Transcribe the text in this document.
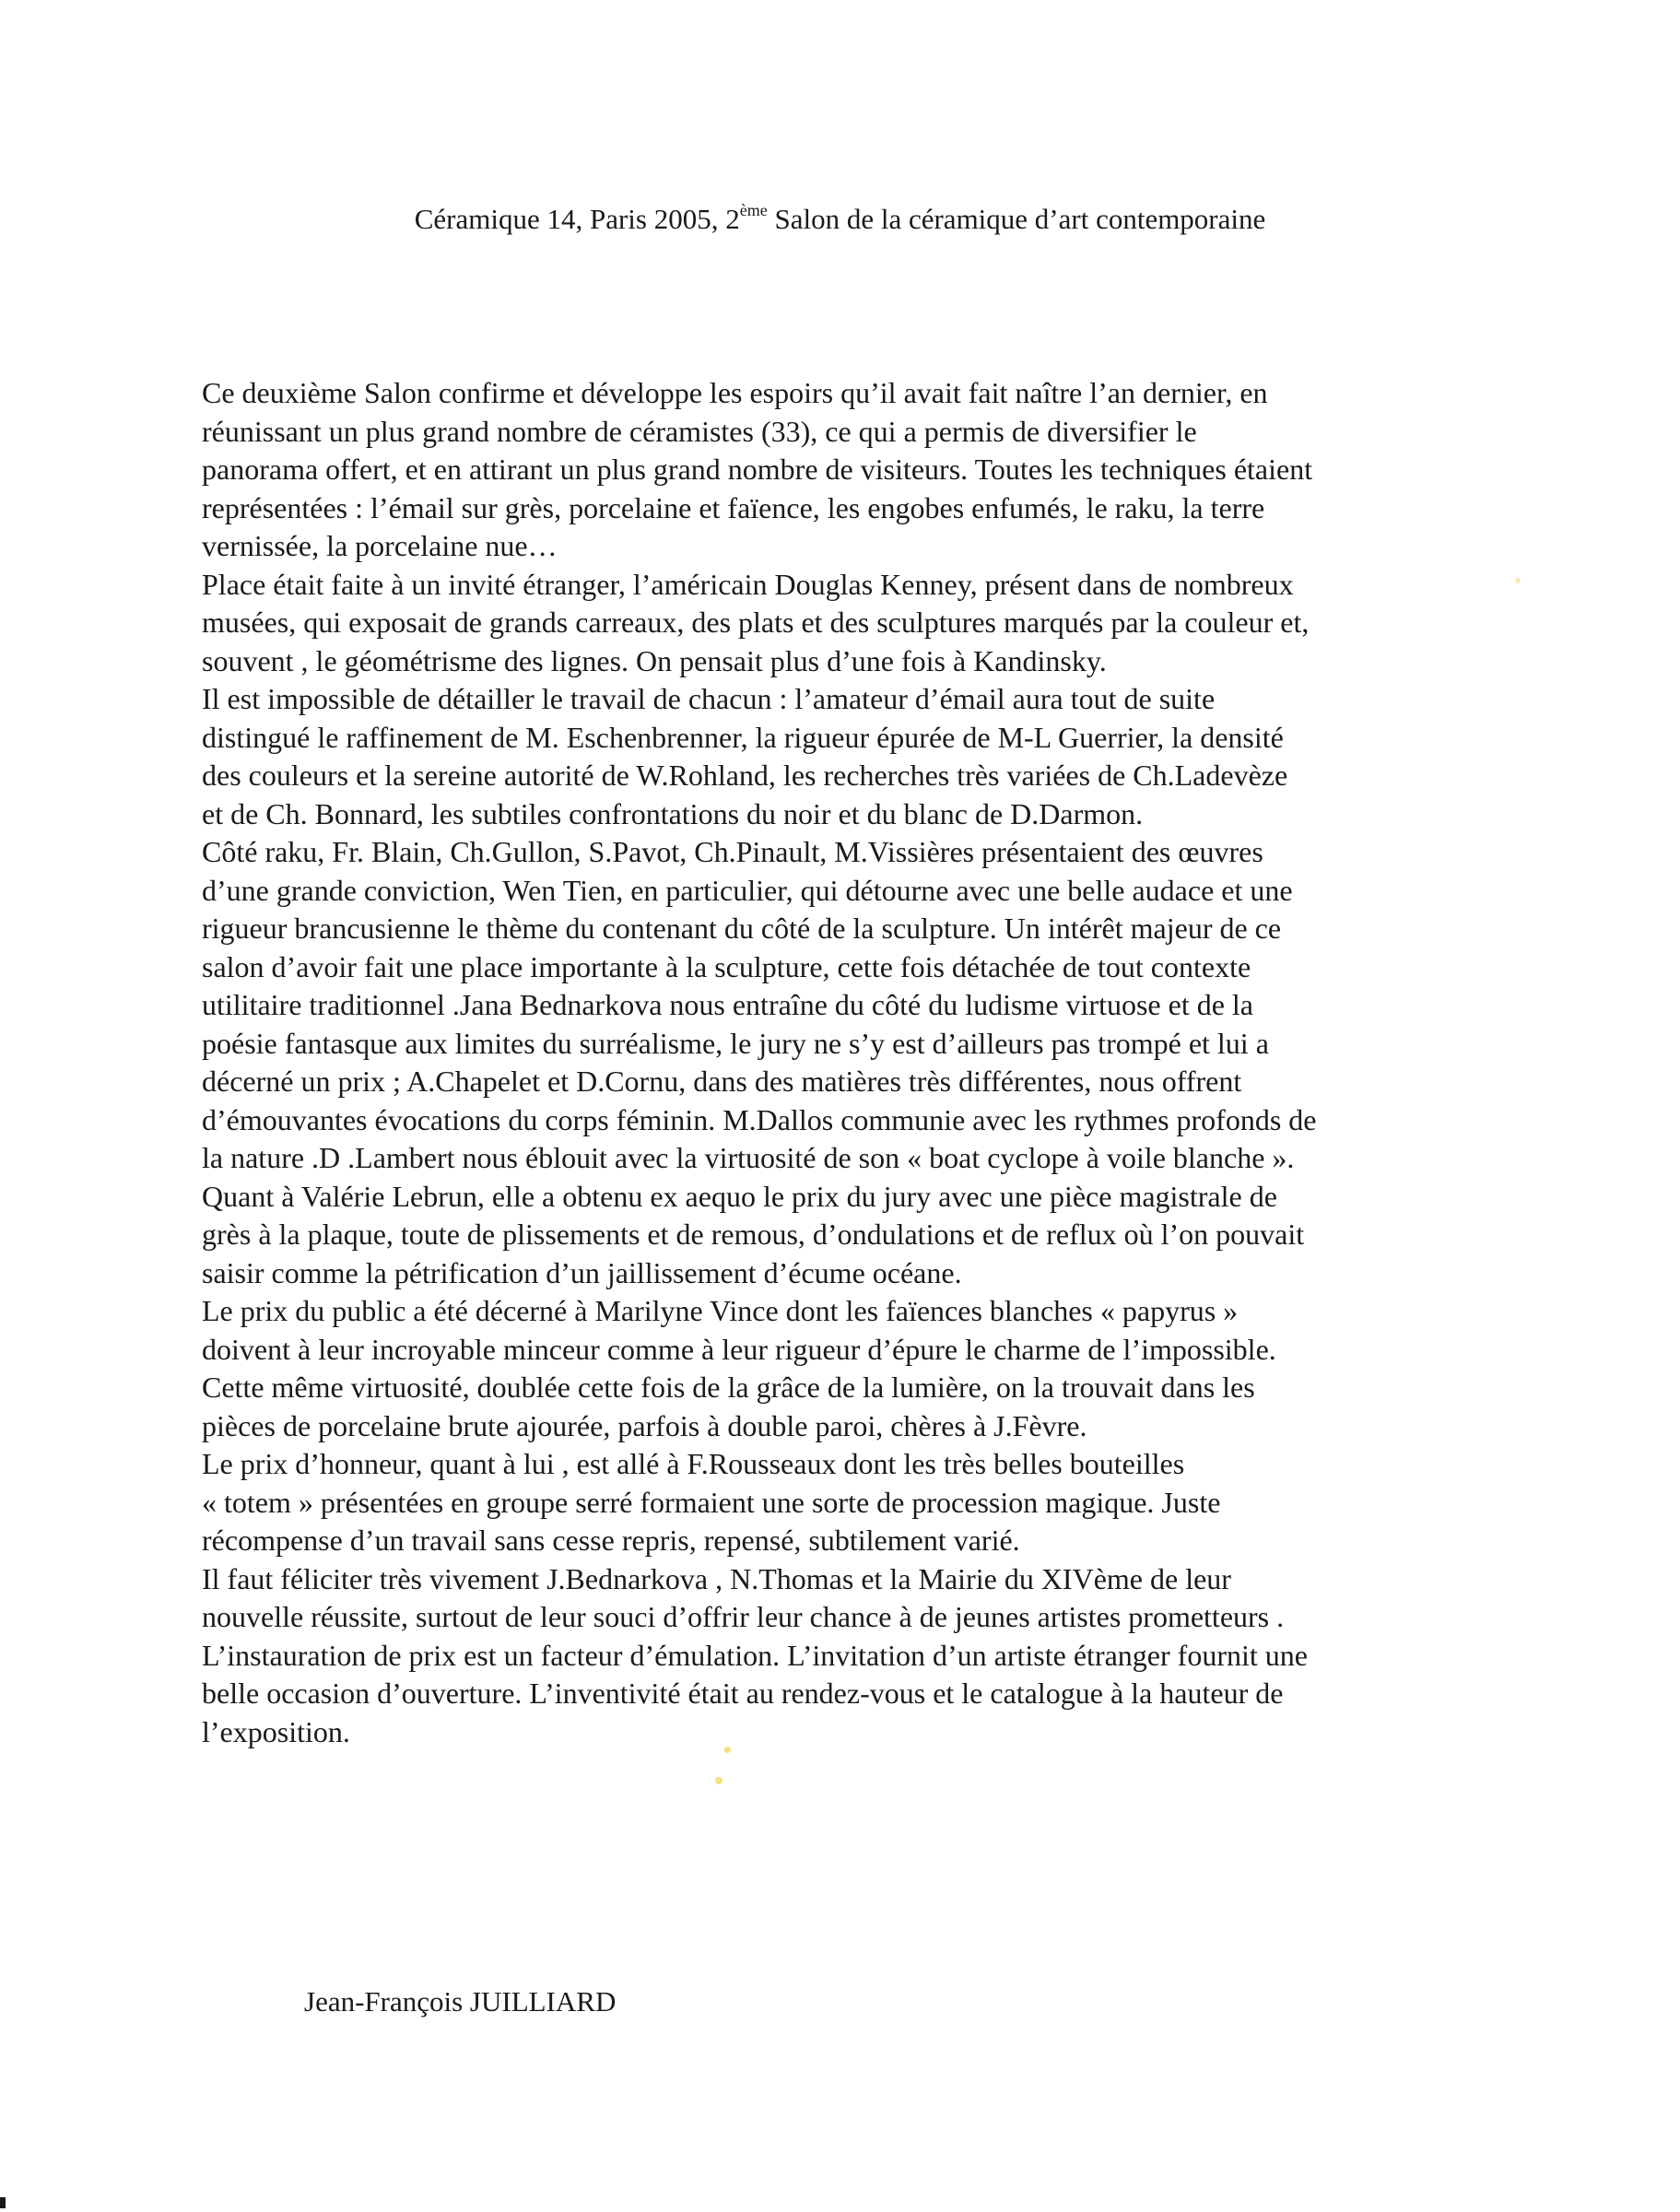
Céramique 14, Paris 2005, 2ème Salon de la céramique d’art contemporaine
Ce deuxième Salon confirme et développe les espoirs qu’il avait fait naître l’an dernier, en
réunissant un plus grand nombre de céramistes (33), ce qui a permis de diversifier le
panorama offert, et en attirant un plus grand nombre de visiteurs. Toutes les techniques étaient
représentées : l’émail sur grès, porcelaine et faïence, les engobes enfumés, le raku, la terre
vernissée, la porcelaine nue…
Place était faite à un invité étranger, l’américain Douglas Kenney, présent dans de nombreux
musées, qui exposait de grands carreaux, des plats et des sculptures marqués par la couleur et,
souvent , le géométrisme des lignes. On pensait plus d’une fois à Kandinsky.
Il est impossible de détailler le travail de chacun : l’amateur d’émail aura tout de suite
distingué le raffinement de M. Eschenbrenner, la rigueur épurée de M-L Guerrier, la densité
des couleurs et la sereine autorité de W.Rohland, les recherches très variées de Ch.Ladevèze
et de Ch. Bonnard, les subtiles confrontations du noir et du blanc de D.Darmon.
Côté raku, Fr. Blain, Ch.Gullon, S.Pavot, Ch.Pinault, M.Vissières présentaient des œuvres
d’une grande conviction, Wen Tien, en particulier, qui détourne avec une belle audace et une
rigueur brancusienne le thème du contenant du côté de la sculpture. Un intérêt majeur de ce
salon d’avoir fait une place importante à la sculpture, cette fois détachée de tout contexte
utilitaire traditionnel .Jana Bednarkova nous entraîne du côté du ludisme virtuose et de la
poésie fantasque aux limites du surréalisme, le jury ne s’y est d’ailleurs pas trompé et lui a
décerné un prix ; A.Chapelet et D.Cornu, dans des matières très différentes, nous offrent
d’émouvantes évocations du corps féminin. M.Dallos communie avec les rythmes profonds de
la nature .D .Lambert nous éblouit avec la virtuosité de son « boat cyclope à voile blanche ».
Quant à Valérie Lebrun, elle a obtenu ex aequo le prix du jury avec une pièce magistrale de
grès à la plaque, toute de plissements et de remous, d’ondulations et de reflux où l’on pouvait
saisir comme la pétrification d’un jaillissement d’écume océane.
Le prix du public a été décerné à Marilyne Vince dont les faïences blanches « papyrus »
doivent à leur incroyable minceur comme à leur rigueur d’épure le charme de l’impossible.
Cette même virtuosité, doublée cette fois de la grâce de la lumière, on la trouvait dans les
pièces de porcelaine brute ajourée, parfois à double paroi, chères à J.Fèvre.
Le prix d’honneur, quant à lui , est allé à F.Rousseaux dont les très belles bouteilles
« totem » présentées en groupe serré formaient une sorte de procession magique. Juste
récompense d’un travail sans cesse repris, repensé, subtilement varié.
Il faut féliciter très vivement J.Bednarkova , N.Thomas et la Mairie du XIVème de leur
nouvelle réussite, surtout de leur souci d’offrir leur chance à de jeunes artistes prometteurs .
L’instauration de prix est un facteur d’émulation. L’invitation d’un artiste étranger fournit une
belle occasion d’ouverture. L’inventivité était au rendez-vous et le catalogue à la hauteur de
l’exposition.
Jean-François JUILLIARD
